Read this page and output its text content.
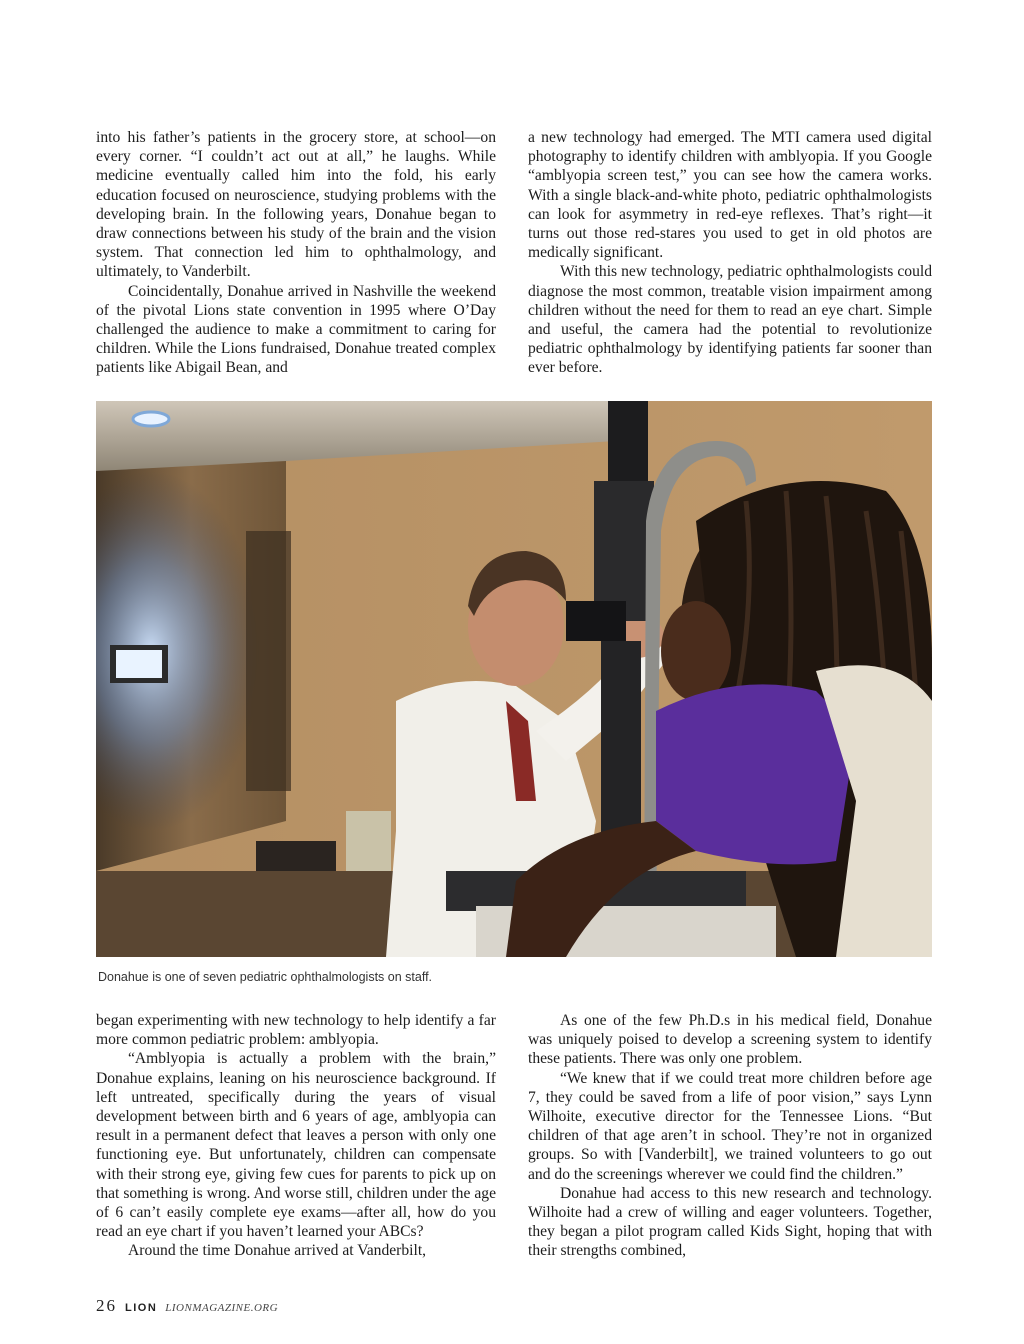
into his father’s patients in the grocery store, at school—on every corner. “I couldn’t act out at all,” he laughs. While medicine eventually called him into the fold, his early education focused on neuroscience, studying problems with the developing brain. In the following years, Donahue began to draw connections between his study of the brain and the vision system. That connection led him to ophthalmology, and ultimately, to Vanderbilt.

Coincidentally, Donahue arrived in Nashville the weekend of the pivotal Lions state convention in 1995 where O’Day challenged the audience to make a commitment to caring for children. While the Lions fundraised, Donahue treated complex patients like Abigail Bean, and

a new technology had emerged. The MTI camera used digital photography to identify children with amblyopia. If you Google “amblyopia screen test,” you can see how the camera works. With a single black-and-white photo, pediatric ophthalmologists can look for asymmetry in red-eye reflexes. That’s right—it turns out those red-stares you used to get in old photos are medically significant.

With this new technology, pediatric ophthalmologists could diagnose the most common, treatable vision impairment among children without the need for them to read an eye chart. Simple and useful, the camera had the potential to revolutionize pediatric ophthalmology by identifying patients far sooner than ever before.

Donahue is one of seven pediatric ophthalmologists on staff.

began experimenting with new technology to help identify a far more common pediatric problem: amblyopia.

“Amblyopia is actually a problem with the brain,” Donahue explains, leaning on his neuroscience background. If left untreated, specifically during the years of visual development between birth and 6 years of age, amblyopia can result in a permanent defect that leaves a person with only one functioning eye. But unfortunately, children can compensate with their strong eye, giving few cues for parents to pick up on that something is wrong. And worse still, children under the age of 6 can’t easily complete eye exams—after all, how do you read an eye chart if you haven’t learned your ABCs?

Around the time Donahue arrived at Vanderbilt,

As one of the few Ph.D.s in his medical field, Donahue was uniquely poised to develop a screening system to identify these patients. There was only one problem.

“We knew that if we could treat more children before age 7, they could be saved from a life of poor vision,” says Lynn Wilhoite, executive director for the Tennessee Lions. “But children of that age aren’t in school. They’re not in organized groups. So with [Vanderbilt], we trained volunteers to go out and do the screenings wherever we could find the children.”

Donahue had access to this new research and technology. Wilhoite had a crew of willing and eager volunteers. Together, they began a pilot program called Kids Sight, hoping that with their strengths combined,

26 LION LIONMAGAZINE.ORG
